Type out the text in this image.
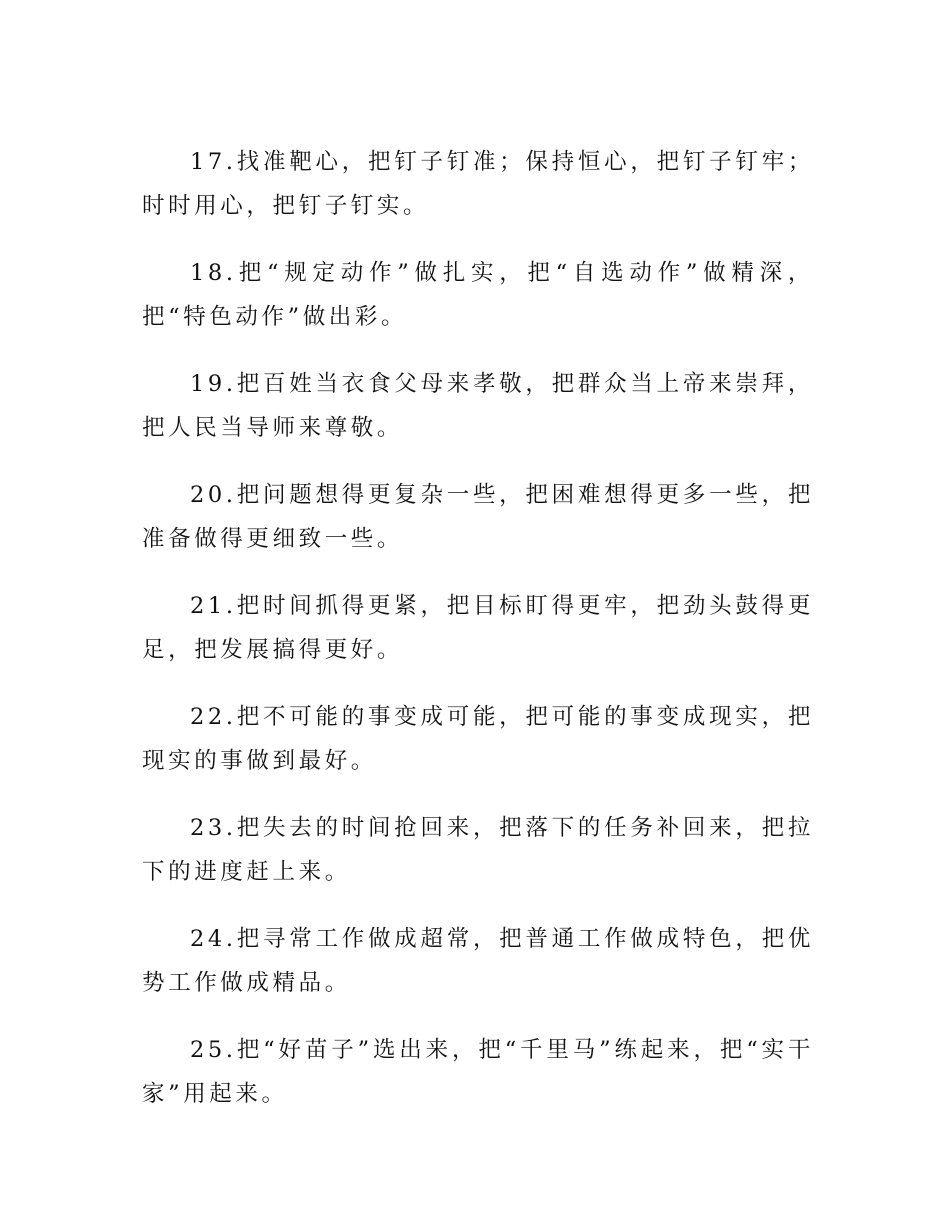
17.找准靶心，把钉子钉准；保持恒心，把钉子钉牢；时时用心，把钉子钉实。

18.把“规定动作”做扎实，把“自选动作”做精深，把“特色动作”做出彩。

19.把百姓当衣食父母来孝敬，把群众当上帝来崇拜，把人民当导师来尊敬。

20.把问题想得更复杂一些，把困难想得更多一些，把准备做得更细致一些。

21.把时间抓得更紧，把目标盯得更牢，把劲头鼓得更足，把发展搞得更好。

22.把不可能的事变成可能，把可能的事变成现实，把现实的事做到最好。

23.把失去的时间抢回来，把落下的任务补回来，把拉下的进度赶上来。

24.把寻常工作做成超常，把普通工作做成特色，把优势工作做成精品。

25.把“好苗子”选出来，把“千里马”练起来，把“实干家”用起来。
